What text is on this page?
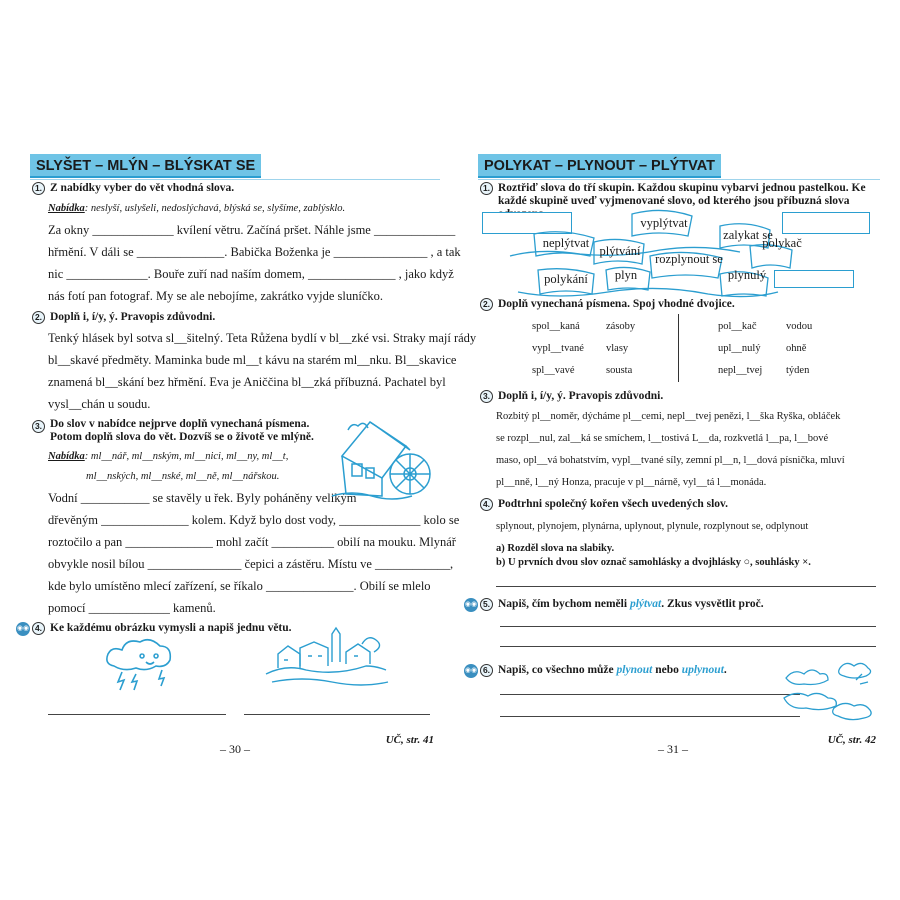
SLYŠET – MLÝN – BLÝSKAT SE
1. Z nabídky vyber do vět vhodná slova.
Nabídka: neslyší, uslyšeli, nedoslýchavá, blýská se, slyšíme, zablýsklo.
Za okny _____________ kvílení větru. Začíná pršet. Náhle jsme _____________
hřmění. V dáli se ______________. Babička Boženka je _______________ , a tak
nic _____________. Bouře zuří nad naším domem, ______________ , jako když
nás fotí pan fotograf. My se ale nebojíme, zakrátko vyjde sluníčko.
2. Doplň i, í/y, ý. Pravopis zdůvodni.
Tenký hlásek byl sotva sl__šitelný. Teta Růžena bydlí v bl__zké vsi. Straky mají rády
bl__skavé předměty. Maminka bude ml__t kávu na starém ml__nku. Bl__skavice
znamená bl__skání bez hřmění. Eva je Aniččina bl__zká příbuzná. Pachatel byl
vysl__chán u soudu.
3. Do slov v nabídce nejprve doplň vynechaná písmena. Potom doplň slova do vět. Dozvíš se o životě ve mlýně.
Nabídka: ml__nář, ml__nským, ml__nici, ml__ny, ml__t,
ml__nských, ml__nské, ml__ně, ml__nářskou.
Vodní ___________ se stavěly u řek. Byly poháněny velikým
dřevěným ______________ kolem. Když bylo dost vody, _____________ kolo se
roztočilo a pan ______________ mohl začít __________ obilí na mouku. Mlynář
obvykle nosil bílou _______________ čepici a zástěru. Místu ve ____________,
kde bylo umístěno mlecí zařízení, se říkalo ______________. Obilí se mlelo
pomocí _____________ kamenů.
◉◉ 4. Ke každému obrázku vymysli a napiš jednu větu.
UČ, str. 41
– 30 –
POLYKAT – PLYNOUT – PLÝTVAT
1. Roztřiď slova do tří skupin. Každou skupinu vybarvi jednou pastelkou. Ke každé skupině uveď vyjmenované slovo, od kterého jsou příbuzná slova
vyplýtvat
zalykat se
neplýtvat
plýtvání
polykač
rozplynout se
polykání	plyn	plynulý
2. Doplň vynechaná písmena. Spoj vhodné dvojice.
spol__kaná
vypl__tvané
spl__vavé
zásoby
vlasy
sousta
pol__kač
upl__nulý
nepl__tvej
vodou
ohně
týden
3. Doplň i, í/y, ý. Pravopis zdůvodni.
Rozbitý pl__noměr, dýcháme pl__cemi, nepl__tvej penězi, l__ška Ryška, obláček
se rozpl__nul, zal__ká se smíchem, l__tostivá L__da, rozkvetlá l__pa, l__bové
maso, opl__vá bohatstvím, vypl__tvané síly, zemní pl__n, l__dová písnička, mluví
pl__nně, l__ný Honza, pracuje v pl__nárně, vyl__tá l__monáda.
4. Podtrhni společný kořen všech uvedených slov.
splynout, plynojem, plynárna, uplynout, plynule, rozplynout se, odplynout
a) Rozděl slova na slabiky.
b) U prvních dvou slov označ samohlásky a dvojhlásky ○, souhlásky ×.
◉◉ 5. Napiš, čím bychom neměli plýtvat. Zkus vysvětlit proč.
◉◉ 6. Napiš, co všechno může plynout nebo uplynout.
UČ, str. 42
– 31 –
